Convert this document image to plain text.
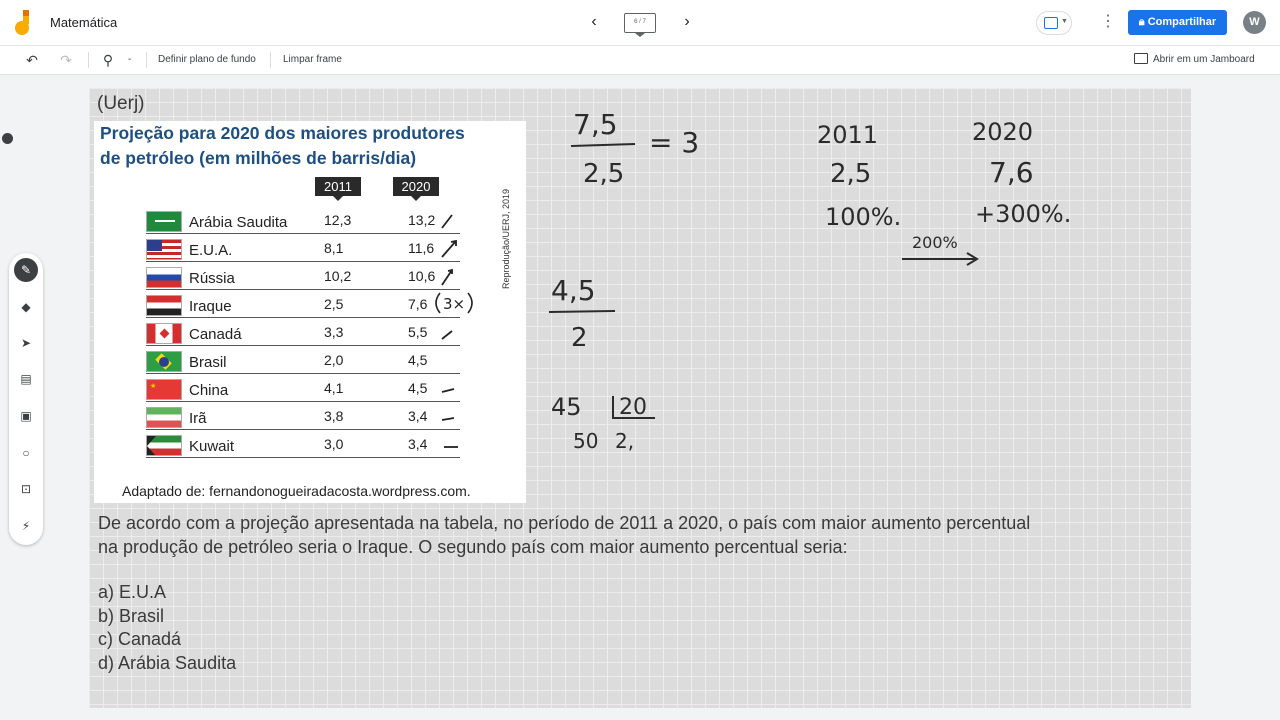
Matemática	‹	6 / 7	›	▼ ⋮	🔒︎ Compartilhar	W
↶ ↷ ⚲	-	Definir plano de fundo	Limpar frame	Abrir em um Jamboard
✎
◆
➤
▤
▣
○
⊡
⚡︎
(Uerj)
Projeção para 2020 dos maiores produtores
de petróleo (em milhões de barris/dia)
2011	2020
Reprodução/UERJ, 2019
Arábia Saudita	12,3	13,2
E.U.A.	8,1	11,6
Rússia	10,2	10,6
Iraque	2,5	7,6 3×
Canadá	3,3	5,5
Brasil	2,0	4,5
★ China	4,1	4,5
Irã	3,8	3,4
Kuwait	3,0	3,4
Adaptado de: fernandonogueiradacosta.wordpress.com.
7,5
2,5
= 3	2011	2020
2,5	7,6
100%.	+300%.
200%
4,5
2
45 20
50 2,
De acordo com a projeção apresentada na tabela, no período de 2011 a 2020, o país com maior aumento percentual
na produção de petróleo seria o Iraque. O segundo país com maior aumento percentual seria:
a) E.U.A
b) Brasil
c) Canadá
d) Arábia Saudita
